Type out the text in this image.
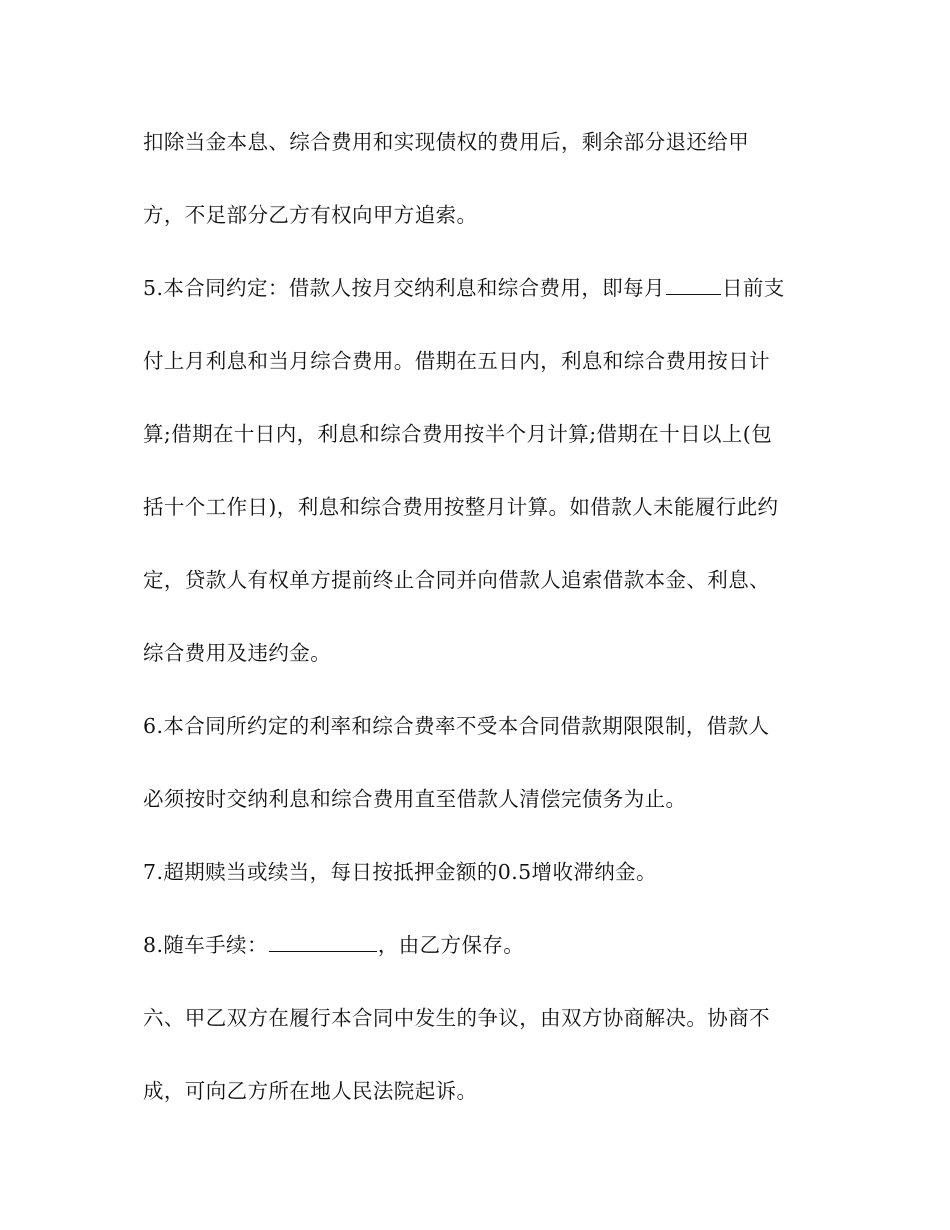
扣除当金本息、综合费用和实现债权的费用后，剩余部分退还给甲
方，不足部分乙方有权向甲方追索。
5.本合同约定：借款人按月交纳利息和综合费用，即每月	日前支
付上月利息和当月综合费用。借期在五日内，利息和综合费用按日计
算;借期在十日内，利息和综合费用按半个月计算;借期在十日以上(包
括十个工作日)，利息和综合费用按整月计算。如借款人未能履行此约
定，贷款人有权单方提前终止合同并向借款人追索借款本金、利息、
综合费用及违约金。
6.本合同所约定的利率和综合费率不受本合同借款期限限制，借款人
必须按时交纳利息和综合费用直至借款人清偿完债务为止。
7.超期赎当或续当，每日按抵押金额的0.5增收滞纳金。
8.随车手续：	，由乙方保存。
六、甲乙双方在履行本合同中发生的争议，由双方协商解决。协商不
成，可向乙方所在地人民法院起诉。
